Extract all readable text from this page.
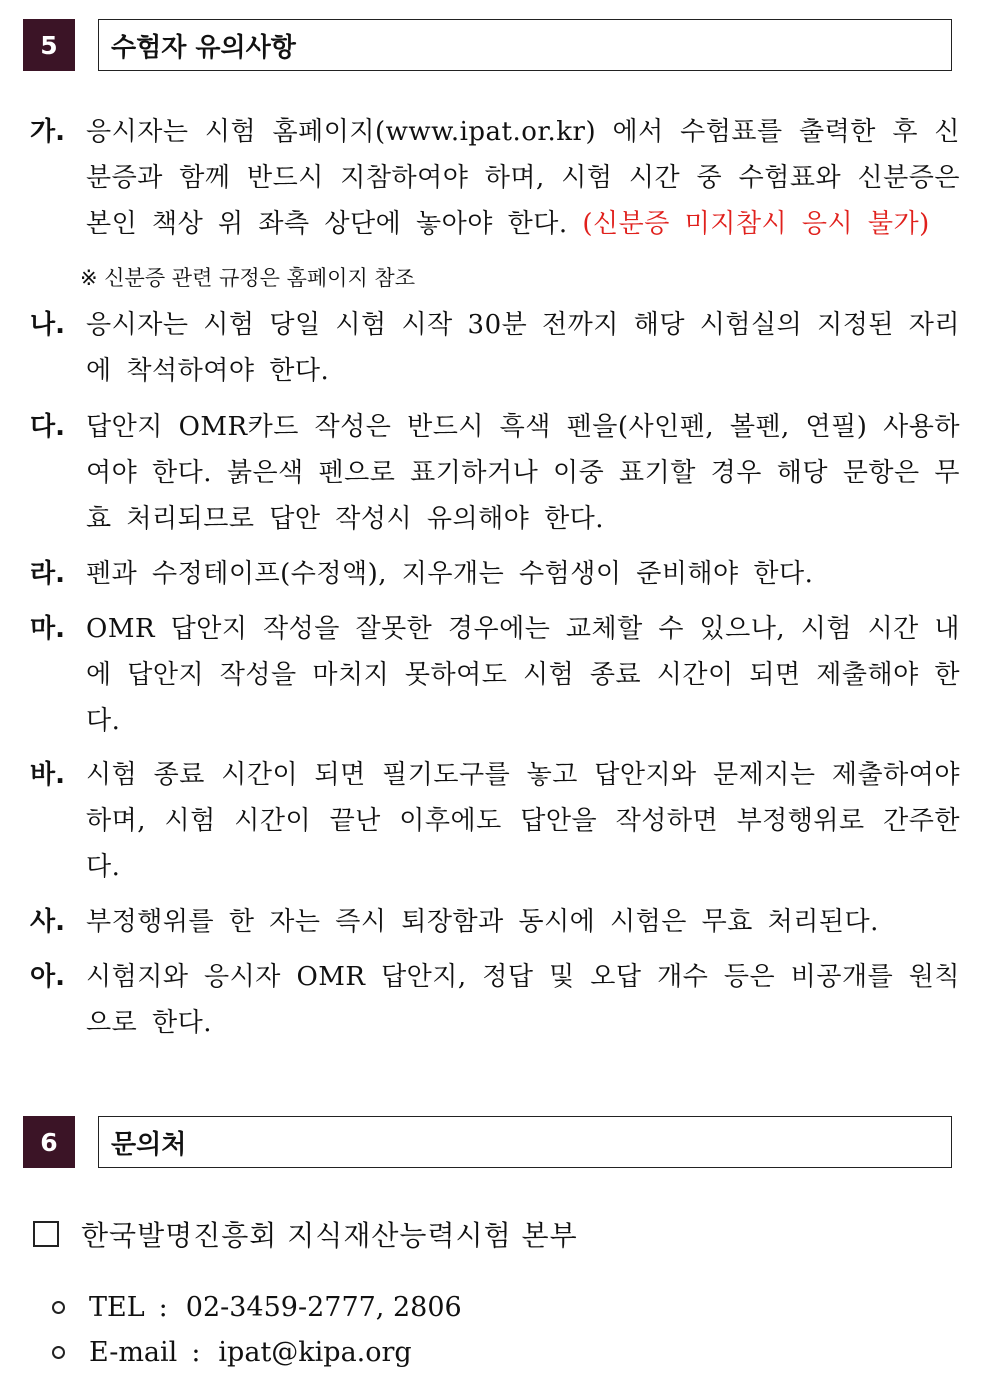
5	수험자 유의사항
가. 응시자는 시험 홈페이지(www.ipat.or.kr) 에서 수험표를 출력한 후 신분증과 함께 반드시 지참하여야 하며, 시험 시간 중 수험표와 신분증은 본인 책상 위 좌측 상단에 놓아야 한다. (신분증 미지참시 응시 불가)
※ 신분증 관련 규정은 홈페이지 참조
나. 응시자는 시험 당일 시험 시작 30분 전까지 해당 시험실의 지정된 자리에 착석하여야 한다.
다. 답안지 OMR카드 작성은 반드시 흑색 펜을(사인펜, 볼펜, 연필) 사용하여야 한다. 붉은색 펜으로 표기하거나 이중 표기할 경우 해당 문항은 무효 처리되므로 답안 작성시 유의해야 한다.
라. 펜과 수정테이프(수정액), 지우개는 수험생이 준비해야 한다.
마. OMR 답안지 작성을 잘못한 경우에는 교체할 수 있으나, 시험 시간 내에 답안지 작성을 마치지 못하여도 시험 종료 시간이 되면 제출해야 한다.
바. 시험 종료 시간이 되면 필기도구를 놓고 답안지와 문제지는 제출하여야 하며, 시험 시간이 끝난 이후에도 답안을 작성하면 부정행위로 간주한다.
사. 부정행위를 한 자는 즉시 퇴장함과 동시에 시험은 무효 처리된다.
아. 시험지와 응시자 OMR 답안지, 정답 및 오답 개수 등은 비공개를 원칙으로 한다.
6	문의처
한국발명진흥회 지식재산능력시험 본부
TEL : 02-3459-2777, 2806
E-mail : ipat@kipa.org
